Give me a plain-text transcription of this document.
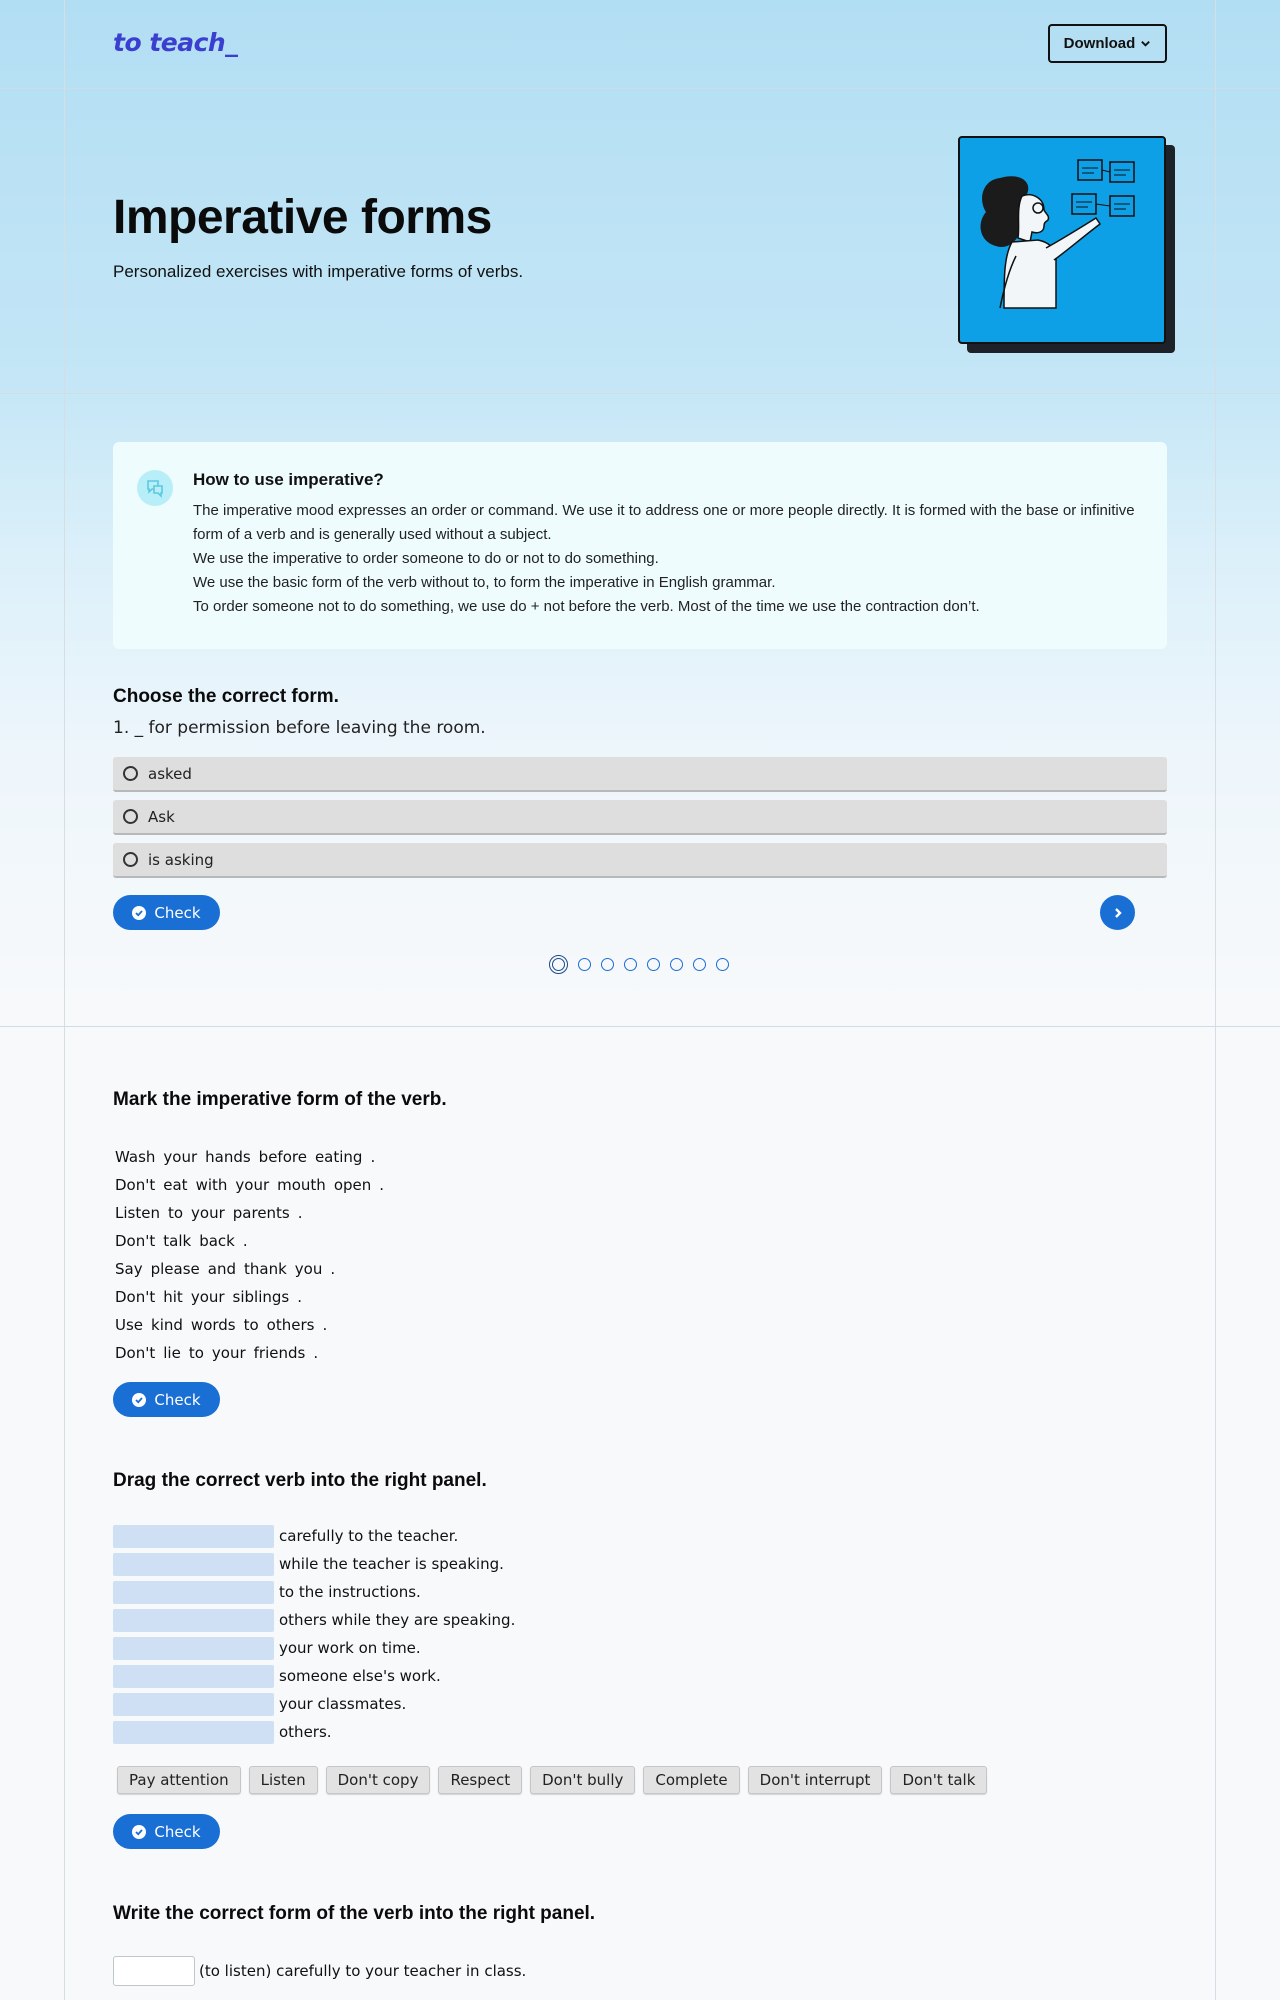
to teach_	Download
Imperative forms

Personalized exercises with imperative forms of verbs.

How to use imperative?

The imperative mood expresses an order or command. We use it to address one or more people directly. It is formed with the base or infinitive form of a verb and is generally used without a subject.

We use the imperative to order someone to do or not to do something.

We use the basic form of the verb without to, to form the imperative in English grammar.

To order someone not to do something, we use do + not before the verb. Most of the time we use the contraction don’t.

Choose the correct form.

1. _ for permission before leaving the room.

asked
Ask
is asking
Check
Mark the imperative form of the verb.
Wash your hands before eating .
Don't eat with your mouth open .
Listen to your parents .
Don't talk back .
Say please and thank you .
Don't hit your siblings .
Use kind words to others .
Don't lie to your friends .
Check
Drag the correct verb into the right panel.
carefully to the teacher.
while the teacher is speaking.
to the instructions.
others while they are speaking.
your work on time.
someone else's work.
your classmates.
others.
Pay attention	Listen	Don't copy	Respect	Don't bully	Complete	Don't interrupt	Don't talk
Check
Write the correct form of the verb into the right panel.
(to listen) carefully to your teacher in class.
